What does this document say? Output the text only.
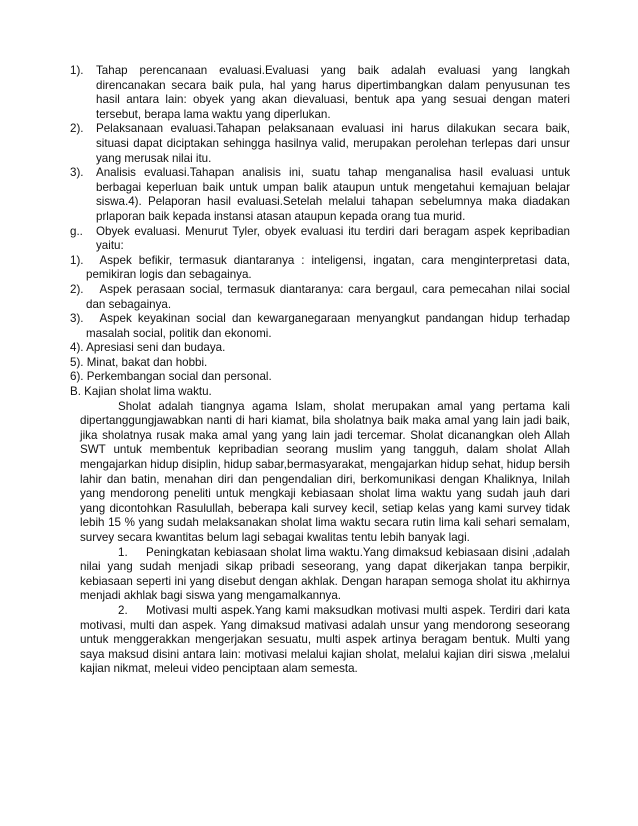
1). Tahap perencanaan evaluasi.Evaluasi yang baik adalah evaluasi yang langkah direncanakan secara baik pula, hal yang harus dipertimbangkan dalam penyusunan tes hasil antara lain: obyek yang akan dievaluasi, bentuk apa yang sesuai dengan materi tersebut, berapa lama waktu yang diperlukan.
2). Pelaksanaan evaluasi.Tahapan pelaksanaan evaluasi ini harus dilakukan secara baik, situasi dapat diciptakan sehingga hasilnya valid, merupakan perolehan terlepas dari unsur yang merusak nilai itu.
3). Analisis evaluasi.Tahapan analisis ini, suatu tahap menganalisa hasil evaluasi untuk berbagai keperluan baik untuk umpan balik ataupun untuk mengetahui kemajuan belajar siswa.4). Pelaporan hasil evaluasi.Setelah melalui tahapan sebelumnya maka diadakan prlaporan baik kepada instansi atasan ataupun kepada orang tua murid.
g.. Obyek evaluasi. Menurut Tyler, obyek evaluasi itu terdiri dari beragam aspek kepribadian yaitu:
1). Aspek befikir, termasuk diantaranya : inteligensi, ingatan, cara menginterpretasi data, pemikiran logis dan sebagainya.
2). Aspek perasaan social, termasuk diantaranya: cara bergaul, cara pemecahan nilai social dan sebagainya.
3). Aspek keyakinan social dan kewarganegaraan menyangkut pandangan hidup terhadap masalah social, politik dan ekonomi.
4). Apresiasi seni dan budaya.
5). Minat, bakat dan hobbi.
6). Perkembangan social dan personal.
B. Kajian sholat lima waktu.
Sholat adalah tiangnya agama Islam, sholat merupakan amal yang pertama kali dipertanggungjawabkan nanti di hari kiamat, bila sholatnya baik maka amal yang lain jadi baik, jika sholatnya rusak maka amal yang yang lain jadi tercemar. Sholat dicanangkan oleh Allah SWT untuk membentuk kepribadian seorang muslim yang tangguh, dalam sholat Allah mengajarkan hidup disiplin, hidup sabar,bermasyarakat, mengajarkan hidup sehat, hidup bersih lahir dan batin, menahan diri dan pengendalian diri, berkomunikasi dengan Khaliknya, Inilah yang mendorong peneliti untuk mengkaji kebiasaan sholat lima waktu yang sudah jauh dari yang dicontohkan Rasulullah, beberapa kali survey kecil, setiap kelas yang kami survey tidak lebih 15 % yang sudah melaksanakan sholat lima waktu secara rutin lima kali sehari semalam, survey secara kwantitas belum lagi sebagai kwalitas tentu lebih banyak lagi.
1. Peningkatan kebiasaan sholat lima waktu.Yang dimaksud kebiasaan disini ,adalah nilai yang sudah menjadi sikap pribadi seseorang, yang dapat dikerjakan tanpa berpikir, kebiasaan seperti ini yang disebut dengan akhlak. Dengan harapan semoga sholat itu akhirnya menjadi akhlak bagi siswa yang mengamalkannya.
2. Motivasi multi aspek.Yang kami maksudkan motivasi multi aspek. Terdiri dari kata motivasi, multi dan aspek. Yang dimaksud mativasi adalah unsur yang mendorong seseorang untuk menggerakkan mengerjakan sesuatu, multi aspek artinya beragam bentuk. Multi yang saya maksud disini antara lain: motivasi melalui kajian sholat, melalui kajian diri siswa ,melalui kajian nikmat, meleui video penciptaan alam semesta.
